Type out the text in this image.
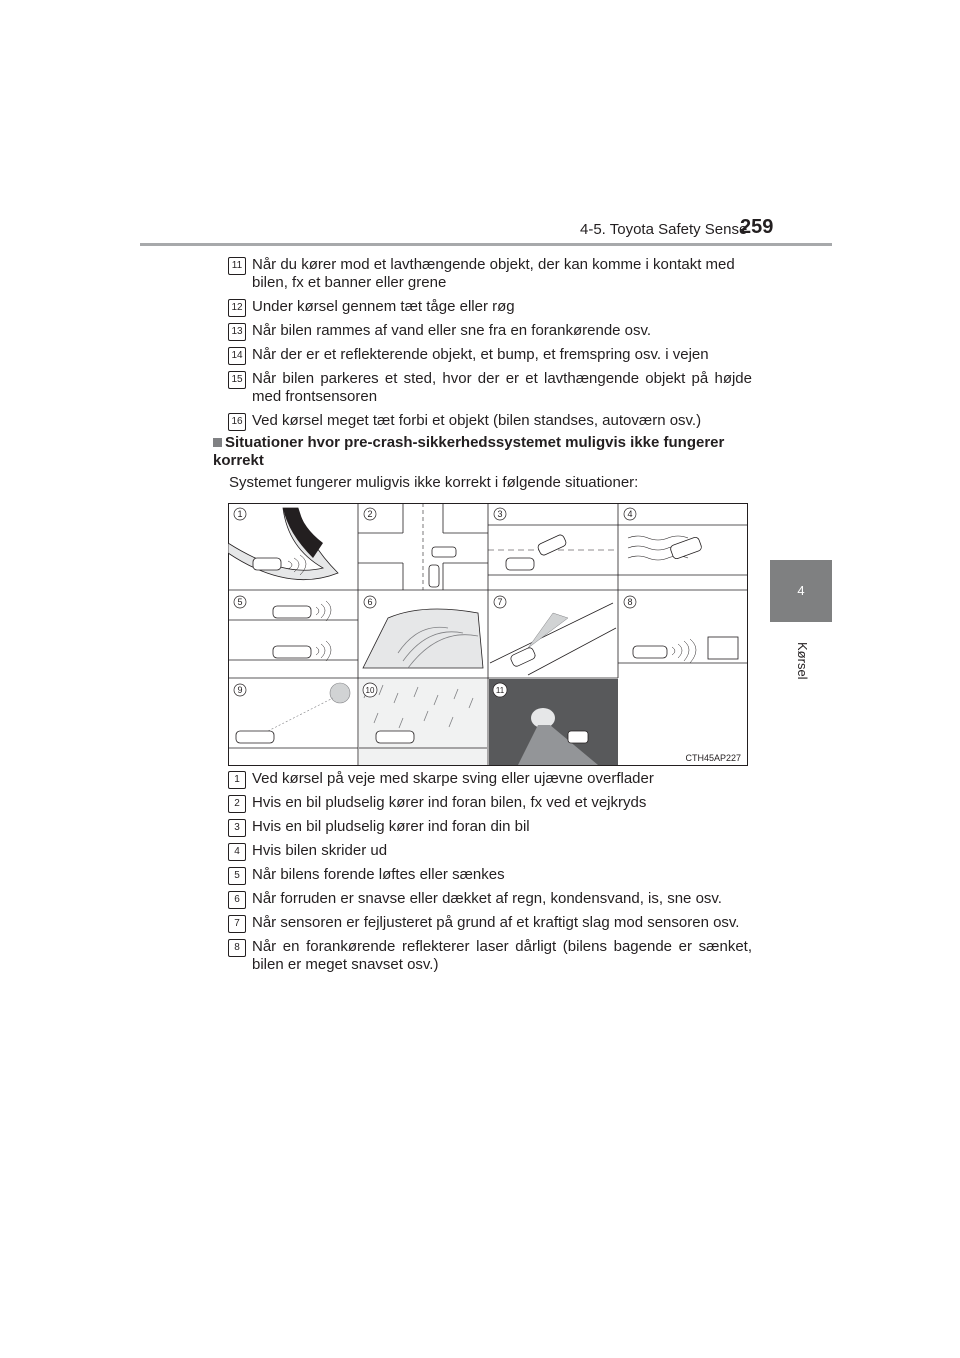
4-5. Toyota Safety Sense
259
4
Kørsel
11 Når du kører mod et lavthængende objekt, der kan komme i kontakt med bilen, fx et banner eller grene
12 Under kørsel gennem tæt tåge eller røg
13 Når bilen rammes af vand eller sne fra en forankørende osv.
14 Når der er et reflekterende objekt, et bump, et fremspring osv. i vejen
15 Når bilen parkeres et sted, hvor der er et lavthængende objekt på højde med frontsensoren
16 Ved kørsel meget tæt forbi et objekt (bilen standses, autoværn osv.)
Situationer hvor pre-crash-sikkerhedssystemet muligvis ikke fungerer korrekt
Systemet fungerer muligvis ikke korrekt i følgende situationer:
1	2	3	4
5	6	7	8
9	10	11
CTH45AP227
1 Ved kørsel på veje med skarpe sving eller ujævne overflader
2 Hvis en bil pludselig kører ind foran bilen, fx ved et vejkryds
3 Hvis en bil pludselig kører ind foran din bil
4 Hvis bilen skrider ud
5 Når bilens forende løftes eller sænkes
6 Når forruden er snavse eller dækket af regn, kondensvand, is, sne osv.
7 Når sensoren er fejljusteret på grund af et kraftigt slag mod sensoren osv.
8 Når en forankørende reflekterer laser dårligt (bilens bagende er sænket, bilen er meget snavset osv.)
